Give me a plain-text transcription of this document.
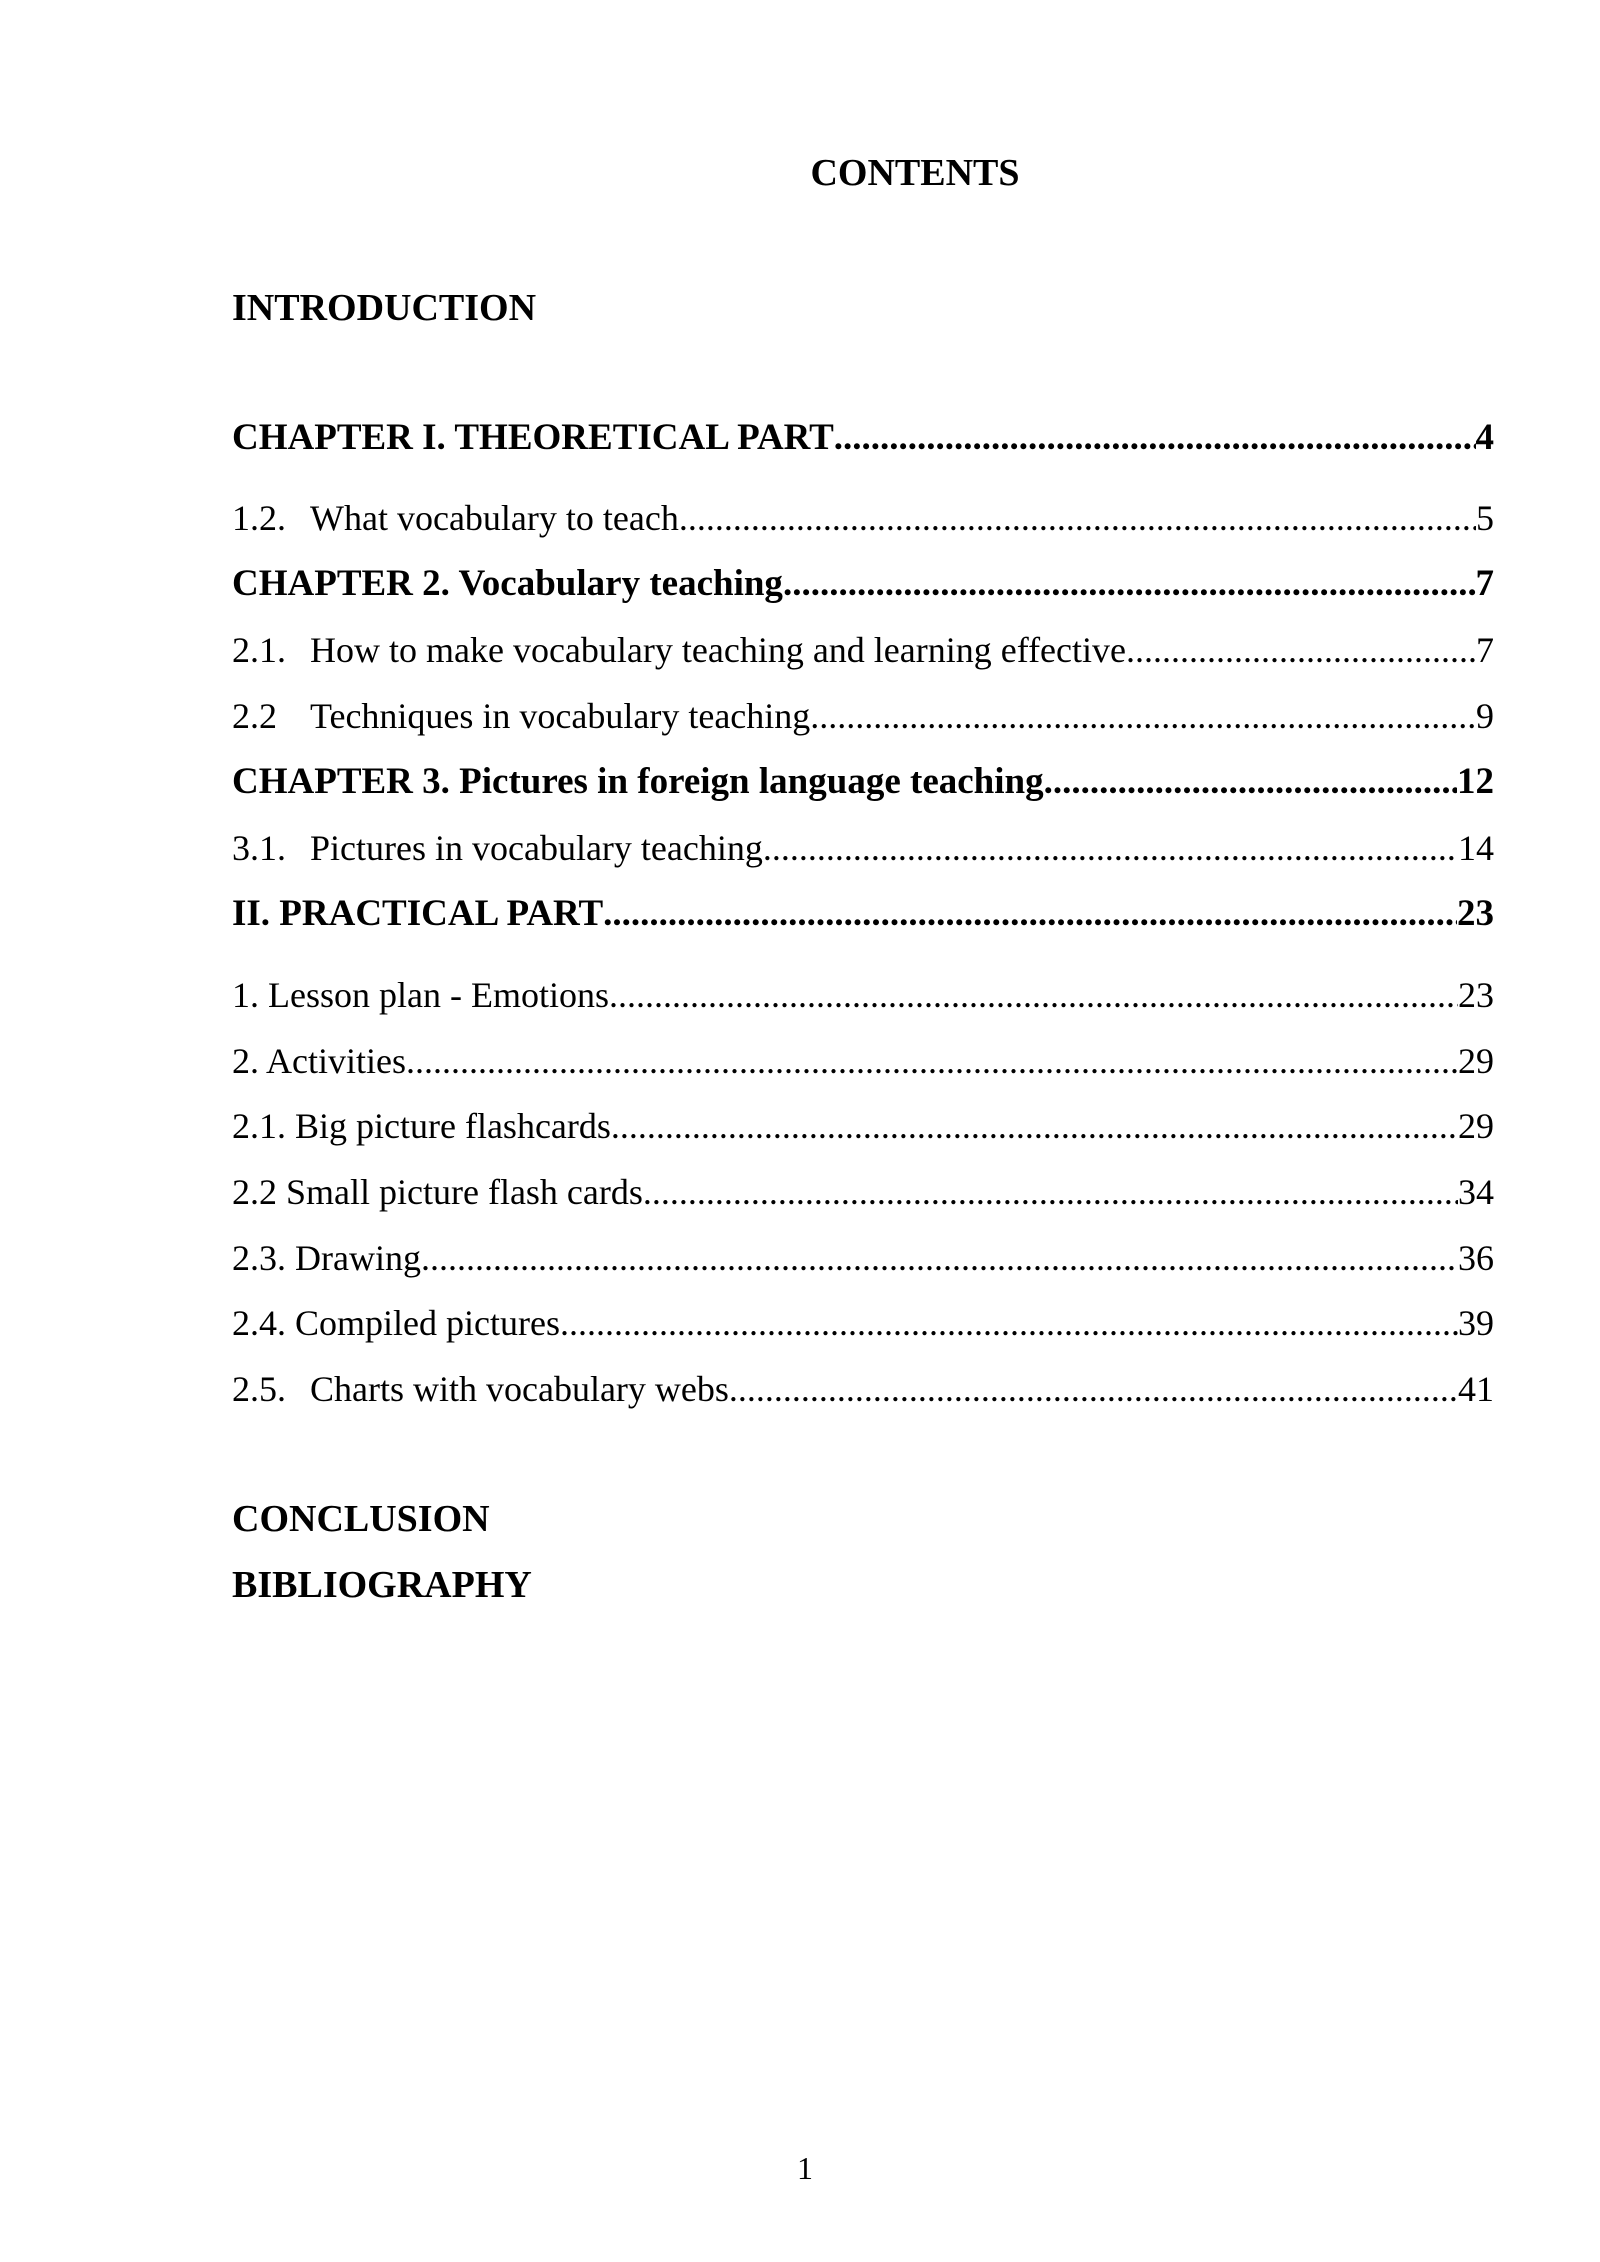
CONTENTS
INTRODUCTION
CHAPTER I. THEORETICAL PART .....	4
1.2. What vocabulary to teach .....	5
CHAPTER 2. Vocabulary teaching .....	7
2.1. How to make vocabulary teaching and learning effective .....	7
2.2 Techniques in vocabulary teaching .....	9
CHAPTER 3. Pictures in foreign language teaching .....	12
3.1. Pictures in vocabulary teaching .....	14
II. PRACTICAL PART .....	23
1. Lesson plan - Emotions .....	23
2. Activities .....	29
2.1. Big picture flashcards .....	29
2.2 Small picture flash cards .....	34
2.3. Drawing .....	36
2.4. Compiled pictures .....	39
2.5. Charts with vocabulary webs .....	41
CONCLUSION
BIBLIOGRAPHY
1
